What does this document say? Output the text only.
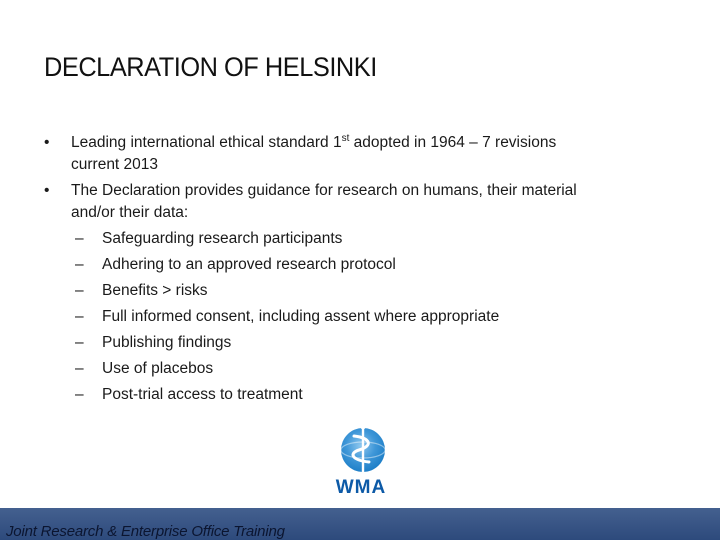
DECLARATION OF HELSINKI
• Leading international ethical standard 1st adopted in 1964 – 7 revisions
current 2013
• The Declaration provides guidance for research on humans, their material
and/or their data:
– Safeguarding research participants
– Adhering to an approved research protocol
– Benefits > risks
– Full informed consent, including assent where appropriate
– Publishing findings
– Use of placebos
– Post-trial access to treatment
WMA
Joint Research & Enterprise Office Training
